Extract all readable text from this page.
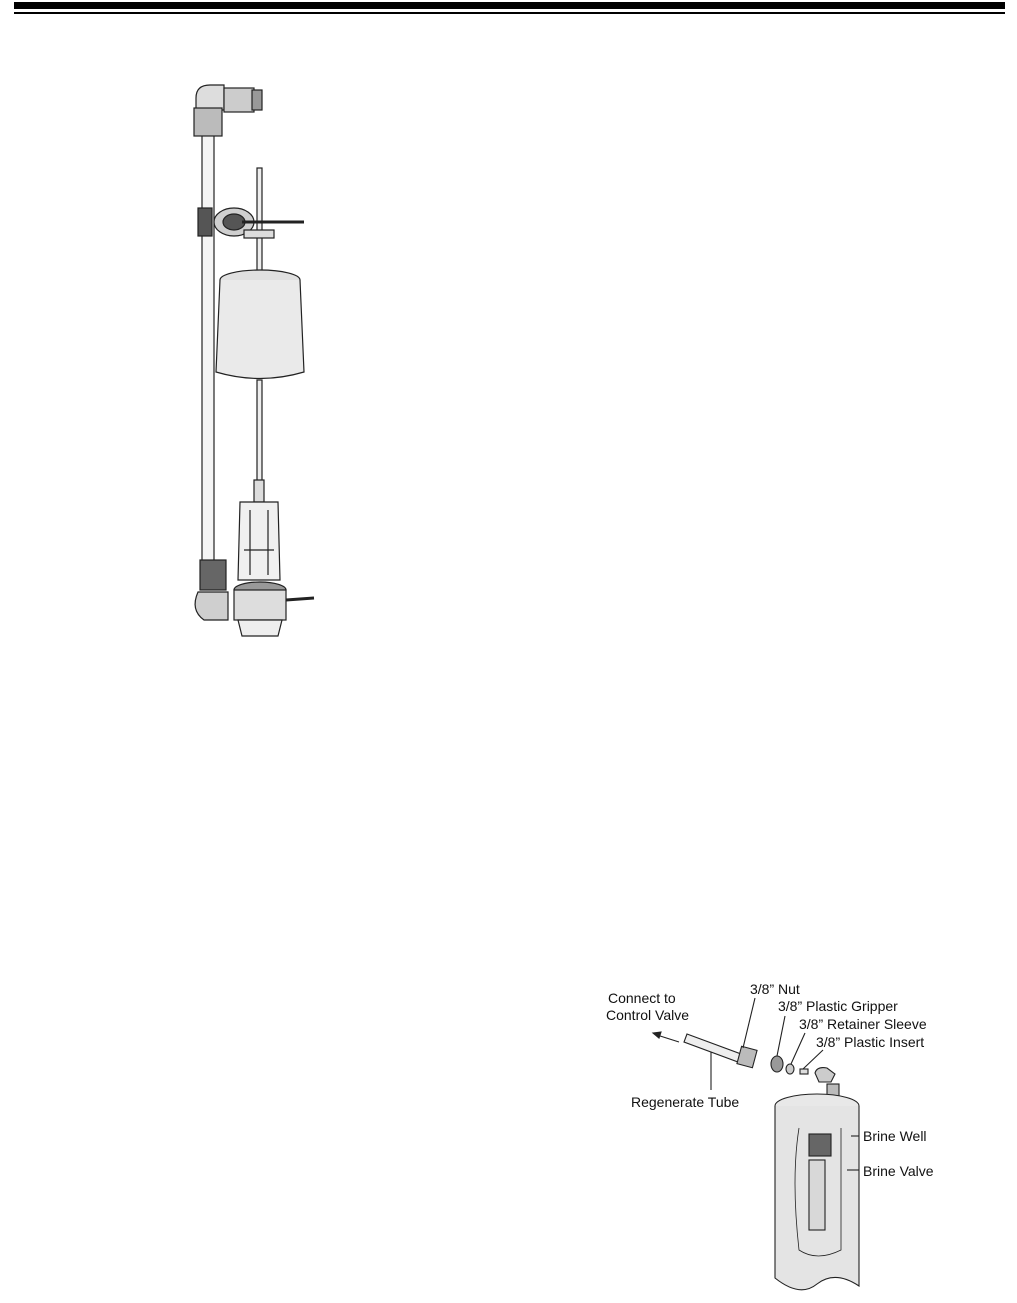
Connect to
Control Valve
Regenerate Tube
3/8” Nut
3/8” Plastic Gripper
3/8” Retainer Sleeve
3/8” Plastic Insert
Brine Well
Brine Valve
